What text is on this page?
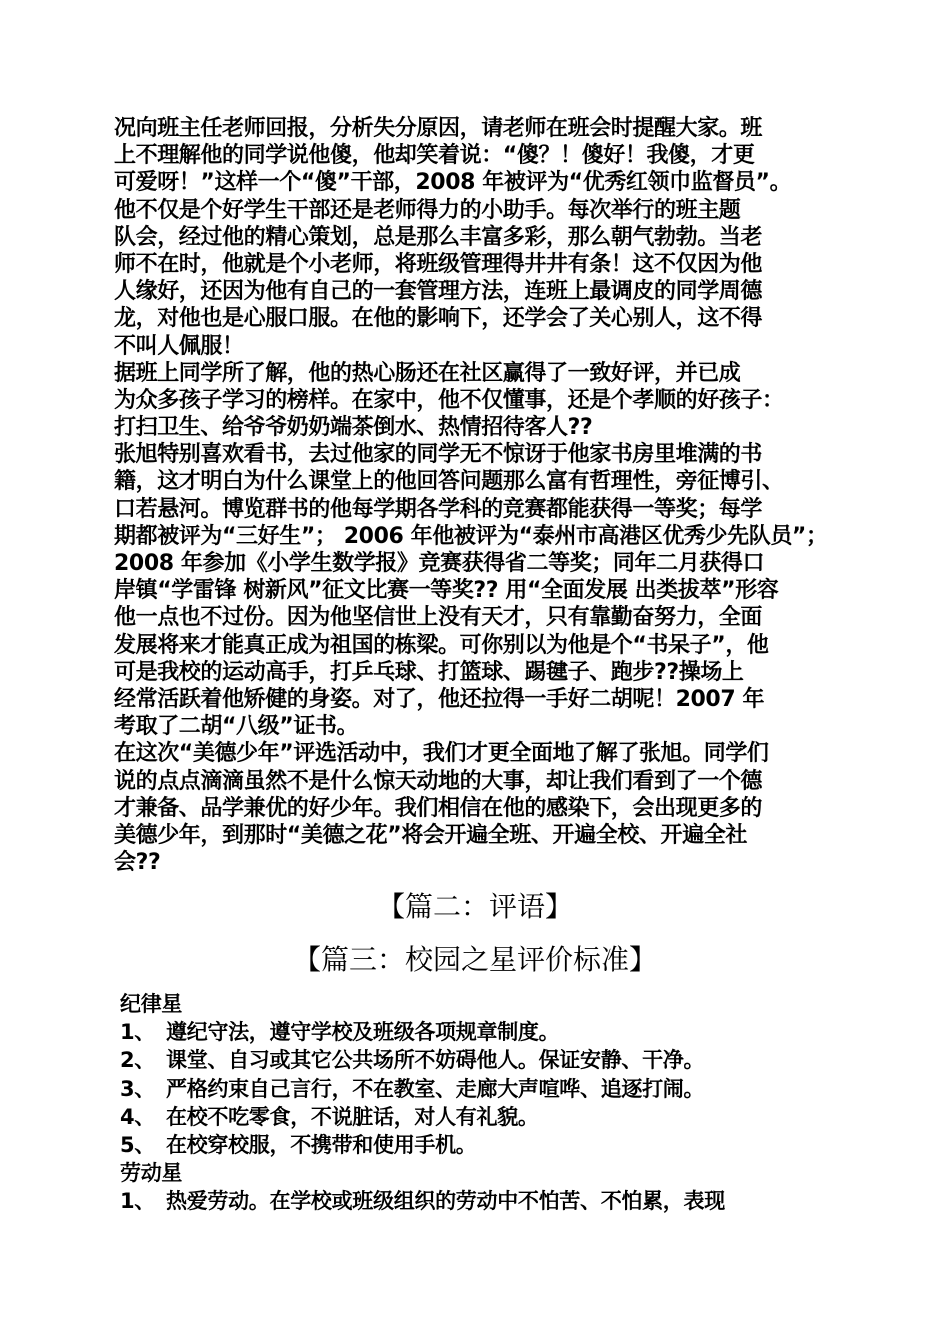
况向班主任老师回报，分析失分原因，请老师在班会时提醒大家。班
上不理解他的同学说他傻，他却笑着说：“傻？！傻好！我傻，才更
可爱呀！”这样一个“傻”干部，2008 年被评为“优秀红领巾监督员”。
他不仅是个好学生干部还是老师得力的小助手。每次举行的班主题
队会，经过他的精心策划，总是那么丰富多彩，那么朝气勃勃。当老
师不在时，他就是个小老师，将班级管理得井井有条！这不仅因为他
人缘好，还因为他有自己的一套管理方法，连班上最调皮的同学周德
龙，对他也是心服口服。在他的影响下，还学会了关心别人，这不得
不叫人佩服！
据班上同学所了解，他的热心肠还在社区赢得了一致好评，并已成
为众多孩子学习的榜样。在家中，他不仅懂事，还是个孝顺的好孩子：
打扫卫生、给爷爷奶奶端茶倒水、热情招待客人??
张旭特别喜欢看书，去过他家的同学无不惊讶于他家书房里堆满的书
籍，这才明白为什么课堂上的他回答问题那么富有哲理性，旁征博引、
口若悬河。博览群书的他每学期各学科的竞赛都能获得一等奖；每学
期都被评为“三好生”； 2006 年他被评为“泰州市高港区优秀少先队员”；
2008 年参加《小学生数学报》竞赛获得省二等奖；同年二月获得口
岸镇“学雷锋 树新风”征文比赛一等奖?? 用“全面发展 出类拔萃”形容
他一点也不过份。因为他坚信世上没有天才，只有靠勤奋努力，全面
发展将来才能真正成为祖国的栋梁。可你别以为他是个“书呆子”，他
可是我校的运动高手，打乒乓球、打篮球、踢毽子、跑步??操场上
经常活跃着他矫健的身姿。对了，他还拉得一手好二胡呢！2007 年
考取了二胡“八级”证书。
在这次“美德少年”评选活动中，我们才更全面地了解了张旭。同学们
说的点点滴滴虽然不是什么惊天动地的大事，却让我们看到了一个德
才兼备、品学兼优的好少年。我们相信在他的感染下，会出现更多的
美德少年，到那时“美德之花”将会开遍全班、开遍全校、开遍全社
会??
【篇二：评语】
【篇三：校园之星评价标准】
纪律星
1、 遵纪守法，遵守学校及班级各项规章制度。
2、 课堂、自习或其它公共场所不妨碍他人。保证安静、干净。
3、 严格约束自己言行，不在教室、走廊大声喧哗、追逐打闹。
4、 在校不吃零食，不说脏话，对人有礼貌。
5、 在校穿校服，不携带和使用手机。
劳动星
1、 热爱劳动。在学校或班级组织的劳动中不怕苦、不怕累，表现
